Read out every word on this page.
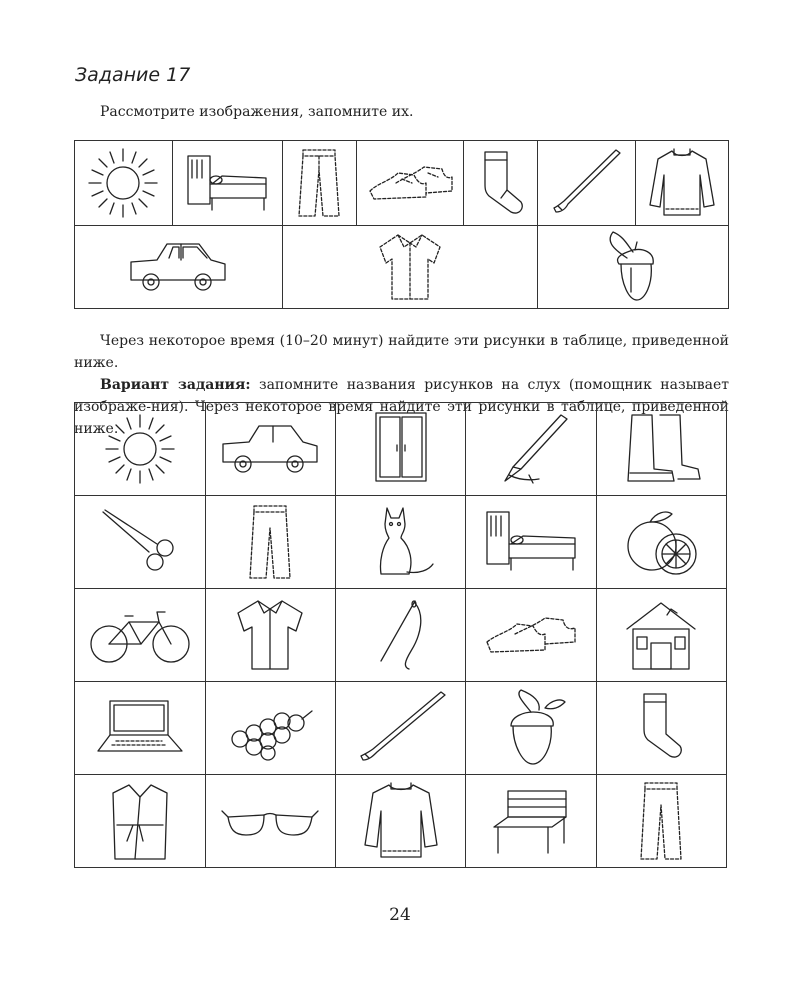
Задание 17
Рассмотрите изображения, запомните их.

Через некоторое время (10–20 минут) найдите эти рисунки в таблице, приведенной ниже.

Вариант задания: запомните названия рисунков на слух (помощник называет изображе-ния). Через некоторое время найдите эти рисунки в таблице, приведенной ниже.

24
